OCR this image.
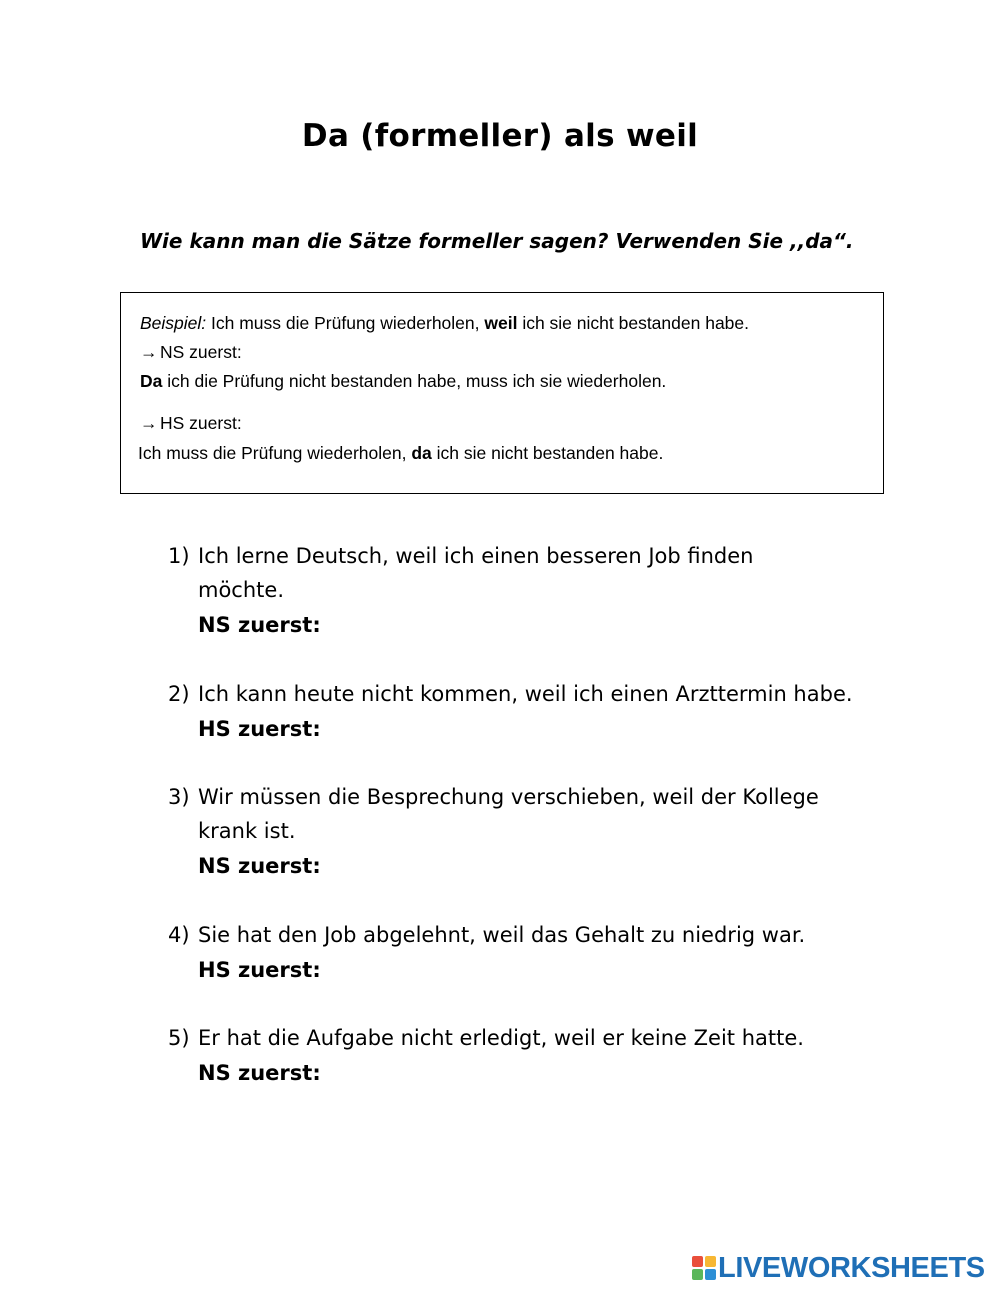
Da (formeller) als weil
Wie kann man die Sätze formeller sagen? Verwenden Sie ,,da“.
Beispiel: Ich muss die Prüfung wiederholen, weil ich sie nicht bestanden habe.
→ NS zuerst:
Da ich die Prüfung nicht bestanden habe, muss ich sie wiederholen.
→ HS zuerst:
Ich muss die Prüfung wiederholen, da ich sie nicht bestanden habe.
1) Ich lerne Deutsch, weil ich einen besseren Job finden
möchte.
NS zuerst:
2) Ich kann heute nicht kommen, weil ich einen Arzttermin habe.
HS zuerst:
3) Wir müssen die Besprechung verschieben, weil der Kollege
krank ist.
NS zuerst:
4) Sie hat den Job abgelehnt, weil das Gehalt zu niedrig war.
HS zuerst:
5) Er hat die Aufgabe nicht erledigt, weil er keine Zeit hatte.
NS zuerst:
LIVEWORKSHEETS
